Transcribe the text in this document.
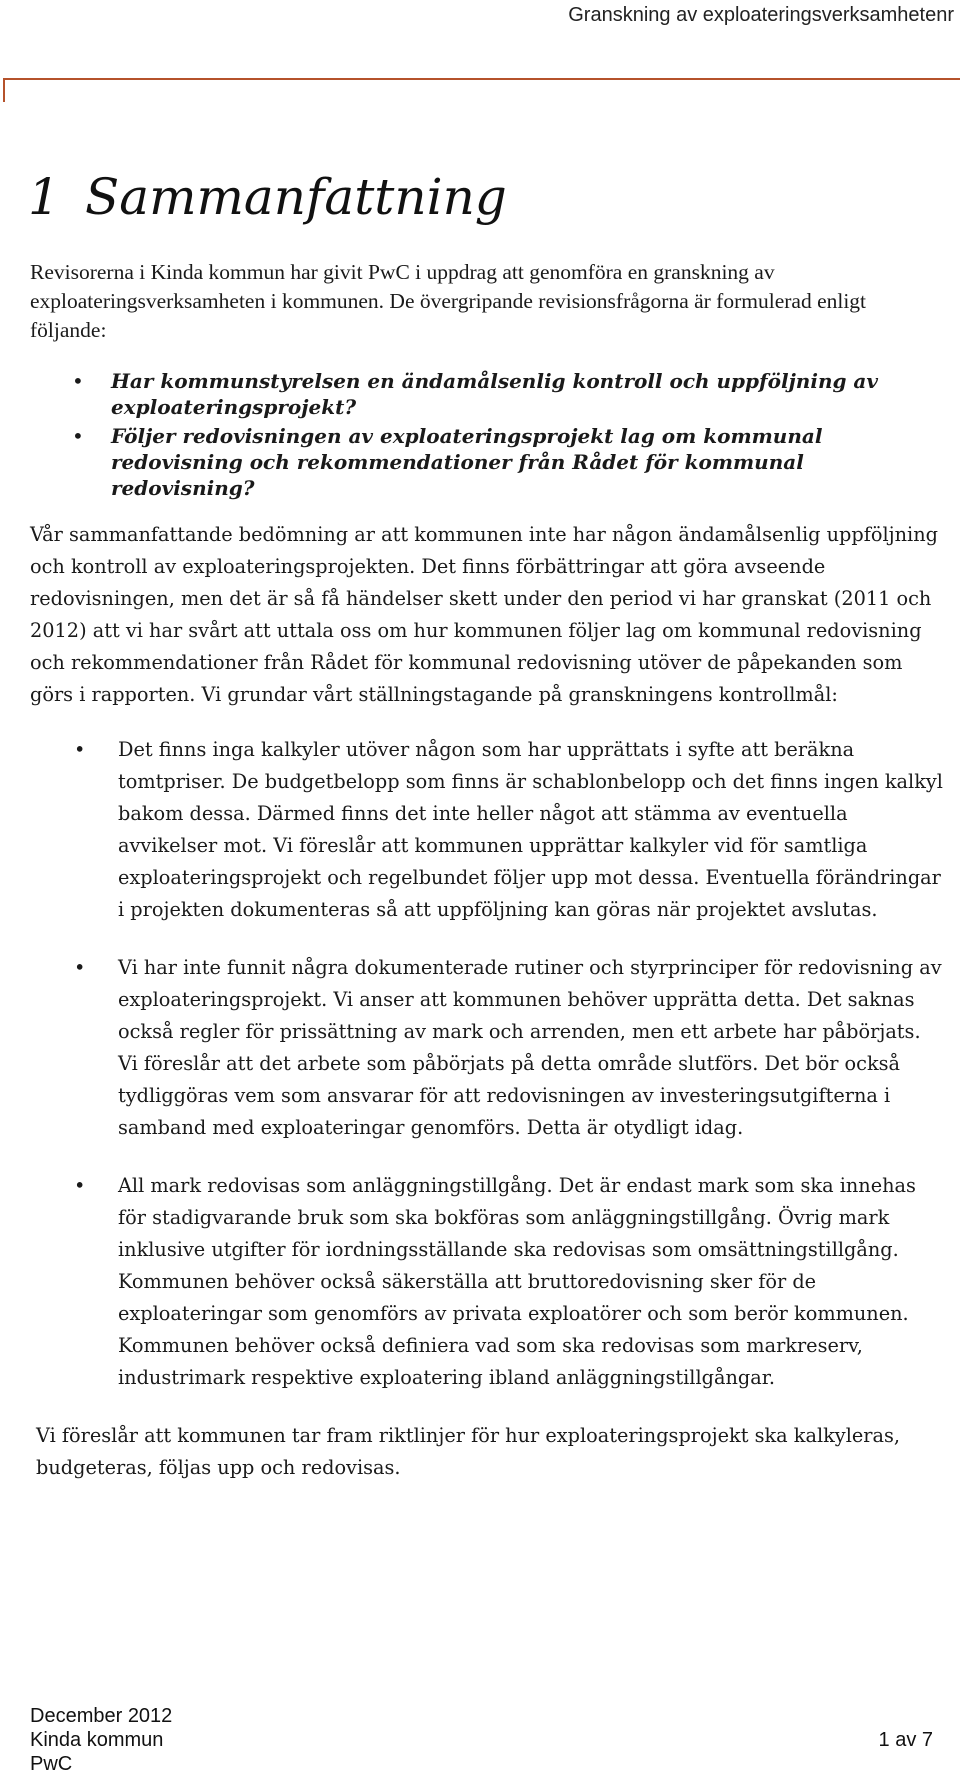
Granskning av exploateringsverksamhetenr
1 Sammanfattning

Revisorerna i Kinda kommun har givit PwC i uppdrag att genomföra en granskning av exploateringsverksamheten i kommunen. De övergripande revisionsfrågorna är formulerad enligt följande:

• Har kommunstyrelsen en ändamålsenlig kontroll och uppföljning av exploateringsprojekt?
• Följer redovisningen av exploateringsprojekt lag om kommunal redovisning och rekommendationer från Rådet för kommunal redovisning?

Vår sammanfattande bedömning ar att kommunen inte har någon ändamålsenlig uppföljning och kontroll av exploateringsprojekten. Det finns förbättringar att göra avseende redovisningen, men det är så få händelser skett under den period vi har granskat (2011 och 2012) att vi har svårt att uttala oss om hur kommunen följer lag om kommunal redovisning och rekommendationer från Rådet för kommunal redovisning utöver de påpekanden som görs i rapporten. Vi grundar vårt ställningstagande på granskningens kontrollmål:

• Det finns inga kalkyler utöver någon som har upprättats i syfte att beräkna tomtpriser. De budgetbelopp som finns är schablonbelopp och det finns ingen kalkyl bakom dessa. Därmed finns det inte heller något att stämma av eventuella avvikelser mot. Vi föreslår att kommunen upprättar kalkyler vid för samtliga exploateringsprojekt och regelbundet följer upp mot dessa. Eventuella förändringar i projekten dokumenteras så att uppföljning kan göras när projektet avslutas.
• Vi har inte funnit några dokumenterade rutiner och styrprinciper för redovisning av exploateringsprojekt. Vi anser att kommunen behöver upprätta detta. Det saknas också regler för prissättning av mark och arrenden, men ett arbete har påbörjats. Vi föreslår att det arbete som påbörjats på detta område slutförs. Det bör också tydliggöras vem som ansvarar för att redovisningen av investeringsutgifterna i samband med exploateringar genomförs. Detta är otydligt idag.
• All mark redovisas som anläggningstillgång. Det är endast mark som ska innehas för stadigvarande bruk som ska bokföras som anläggningstillgång. Övrig mark inklusive utgifter för iordningsställande ska redovisas som omsättningstillgång. Kommunen behöver också säkerställa att bruttoredovisning sker för de exploateringar som genomförs av privata exploatörer och som berör kommunen. Kommunen behöver också definiera vad som ska redovisas som markreserv, industrimark respektive exploatering ibland anläggningstillgångar.

Vi föreslår att kommunen tar fram riktlinjer för hur exploateringsprojekt ska kalkyleras, budgeteras, följas upp och redovisas.

December 2012
Kinda kommun
PwC
1 av 7
